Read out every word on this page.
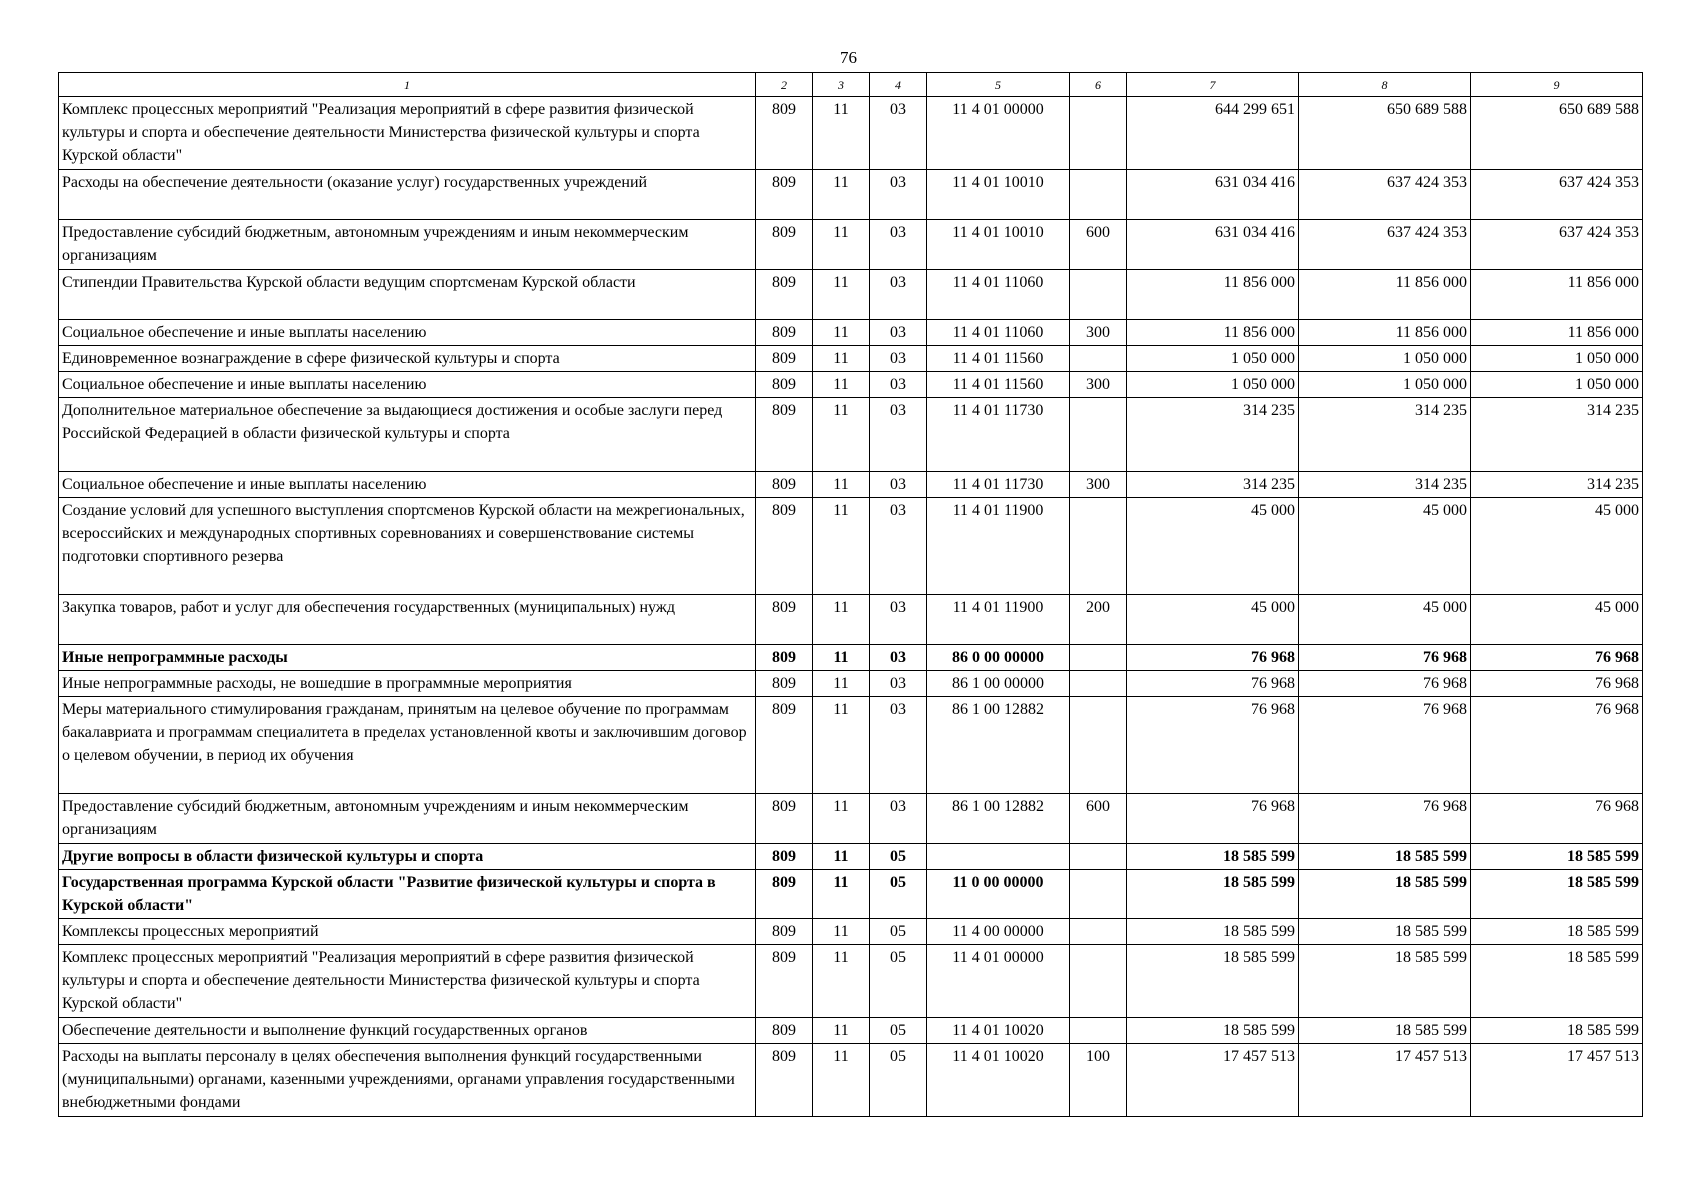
76
1	2	3	4	5	6	7	8	9
Комплекс процессных мероприятий "Реализация мероприятий в сфере развития физической культуры и спорта и обеспечение деятельности Министерства физической культуры и спорта Курской области"	809	11	03	11 4 01 00000		644 299 651	650 689 588	650 689 588
Расходы на обеспечение деятельности (оказание услуг) государственных учреждений	809	11	03	11 4 01 10010		631 034 416	637 424 353	637 424 353
Предоставление субсидий бюджетным, автономным учреждениям и иным некоммерческим организациям	809	11	03	11 4 01 10010	600	631 034 416	637 424 353	637 424 353
Стипендии Правительства Курской области ведущим спортсменам Курской области	809	11	03	11 4 01 11060		11 856 000	11 856 000	11 856 000
Социальное обеспечение и иные выплаты населению	809	11	03	11 4 01 11060	300	11 856 000	11 856 000	11 856 000
Единовременное вознаграждение в сфере физической культуры и спорта	809	11	03	11 4 01 11560		1 050 000	1 050 000	1 050 000
Социальное обеспечение и иные выплаты населению	809	11	03	11 4 01 11560	300	1 050 000	1 050 000	1 050 000
Дополнительное материальное обеспечение за выдающиеся достижения и особые заслуги перед Российской Федерацией в области физической культуры и спорта	809	11	03	11 4 01 11730		314 235	314 235	314 235
Социальное обеспечение и иные выплаты населению	809	11	03	11 4 01 11730	300	314 235	314 235	314 235
Создание условий для успешного выступления спортсменов Курской области на межрегиональных, всероссийских и международных спортивных соревнованиях и совершенствование системы подготовки спортивного резерва	809	11	03	11 4 01 11900		45 000	45 000	45 000
Закупка товаров, работ и услуг для обеспечения государственных (муниципальных) нужд	809	11	03	11 4 01 11900	200	45 000	45 000	45 000
Иные непрограммные расходы	809	11	03	86 0 00 00000		76 968	76 968	76 968
Иные непрограммные расходы, не вошедшие в программные мероприятия	809	11	03	86 1 00 00000		76 968	76 968	76 968
Меры материального стимулирования гражданам, принятым на целевое обучение по программам бакалавриата и программам специалитета в пределах установленной квоты и заключившим договор о целевом обучении, в период их обучения	809	11	03	86 1 00 12882		76 968	76 968	76 968
Предоставление субсидий бюджетным, автономным учреждениям и иным некоммерческим организациям	809	11	03	86 1 00 12882	600	76 968	76 968	76 968
Другие вопросы в области физической культуры и спорта	809	11	05			18 585 599	18 585 599	18 585 599
Государственная программа Курской области "Развитие физической культуры и спорта в Курской области"	809	11	05	11 0 00 00000		18 585 599	18 585 599	18 585 599
Комплексы процессных мероприятий	809	11	05	11 4 00 00000		18 585 599	18 585 599	18 585 599
Комплекс процессных мероприятий "Реализация мероприятий в сфере развития физической культуры и спорта и обеспечение деятельности Министерства физической культуры и спорта Курской области"	809	11	05	11 4 01 00000		18 585 599	18 585 599	18 585 599
Обеспечение деятельности и выполнение функций государственных органов	809	11	05	11 4 01 10020		18 585 599	18 585 599	18 585 599
Расходы на выплаты персоналу в целях обеспечения выполнения функций государственными (муниципальными) органами, казенными учреждениями, органами управления государственными внебюджетными фондами	809	11	05	11 4 01 10020	100	17 457 513	17 457 513	17 457 513
